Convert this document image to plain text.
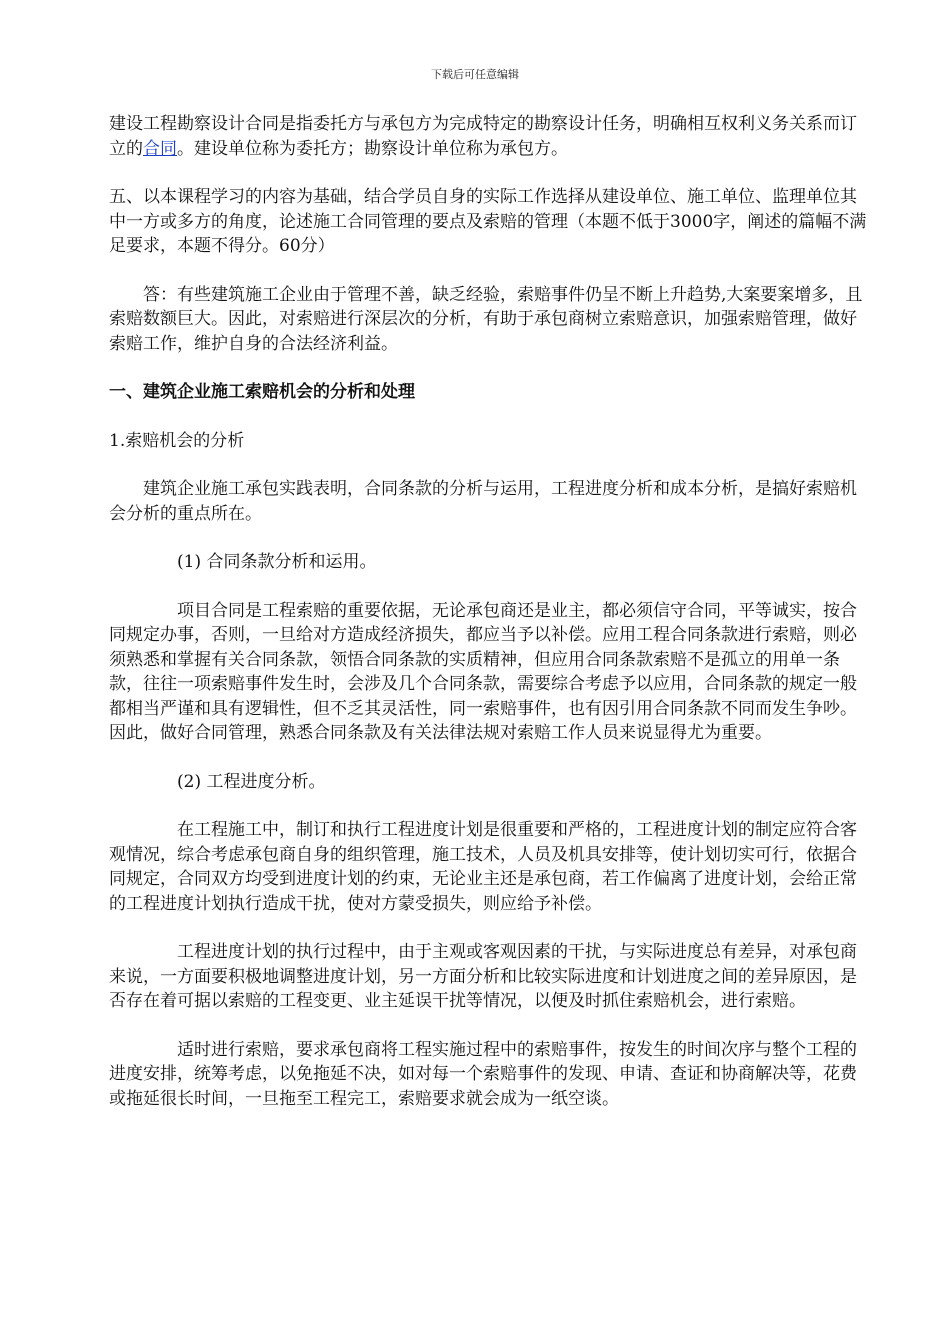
下载后可任意编辑

建设工程勘察设计合同是指委托方与承包方为完成特定的勘察设计任务，明确相互权利义务关系而订立的合同。建设单位称为委托方；勘察设计单位称为承包方。

五、以本课程学习的内容为基础，结合学员自身的实际工作选择从建设单位、施工单位、监理单位其中一方或多方的角度，论述施工合同管理的要点及索赔的管理（本题不低于3000字，阐述的篇幅不满足要求，本题不得分。60分）

答：有些建筑施工企业由于管理不善，缺乏经验，索赔事件仍呈不断上升趋势,大案要案增多，且索赔数额巨大。因此，对索赔进行深层次的分析，有助于承包商树立索赔意识，加强索赔管理，做好索赔工作，维护自身的合法经济利益。

一、建筑企业施工索赔机会的分析和处理

1.索赔机会的分析

建筑企业施工承包实践表明，合同条款的分析与运用，工程进度分析和成本分析，是搞好索赔机会分析的重点所在。

(1) 合同条款分析和运用。

项目合同是工程索赔的重要依据，无论承包商还是业主，都必须信守合同，平等诚实，按合同规定办事，否则，一旦给对方造成经济损失，都应当予以补偿。应用工程合同条款进行索赔，则必须熟悉和掌握有关合同条款，领悟合同条款的实质精神，但应用合同条款索赔不是孤立的用单一条款，往往一项索赔事件发生时，会涉及几个合同条款，需要综合考虑予以应用，合同条款的规定一般都相当严谨和具有逻辑性，但不乏其灵活性，同一索赔事件，也有因引用合同条款不同而发生争吵。因此，做好合同管理，熟悉合同条款及有关法律法规对索赔工作人员来说显得尤为重要。

(2) 工程进度分析。

在工程施工中，制订和执行工程进度计划是很重要和严格的，工程进度计划的制定应符合客观情况，综合考虑承包商自身的组织管理，施工技术，人员及机具安排等，使计划切实可行，依据合同规定，合同双方均受到进度计划的约束，无论业主还是承包商，若工作偏离了进度计划，会给正常的工程进度计划执行造成干扰，使对方蒙受损失，则应给予补偿。

工程进度计划的执行过程中，由于主观或客观因素的干扰，与实际进度总有差异，对承包商来说，一方面要积极地调整进度计划，另一方面分析和比较实际进度和计划进度之间的差异原因，是否存在着可据以索赔的工程变更、业主延误干扰等情况，以便及时抓住索赔机会，进行索赔。

适时进行索赔，要求承包商将工程实施过程中的索赔事件，按发生的时间次序与整个工程的进度安排，统筹考虑，以免拖延不决，如对每一个索赔事件的发现、申请、查证和协商解决等，花费或拖延很长时间，一旦拖至工程完工，索赔要求就会成为一纸空谈。
